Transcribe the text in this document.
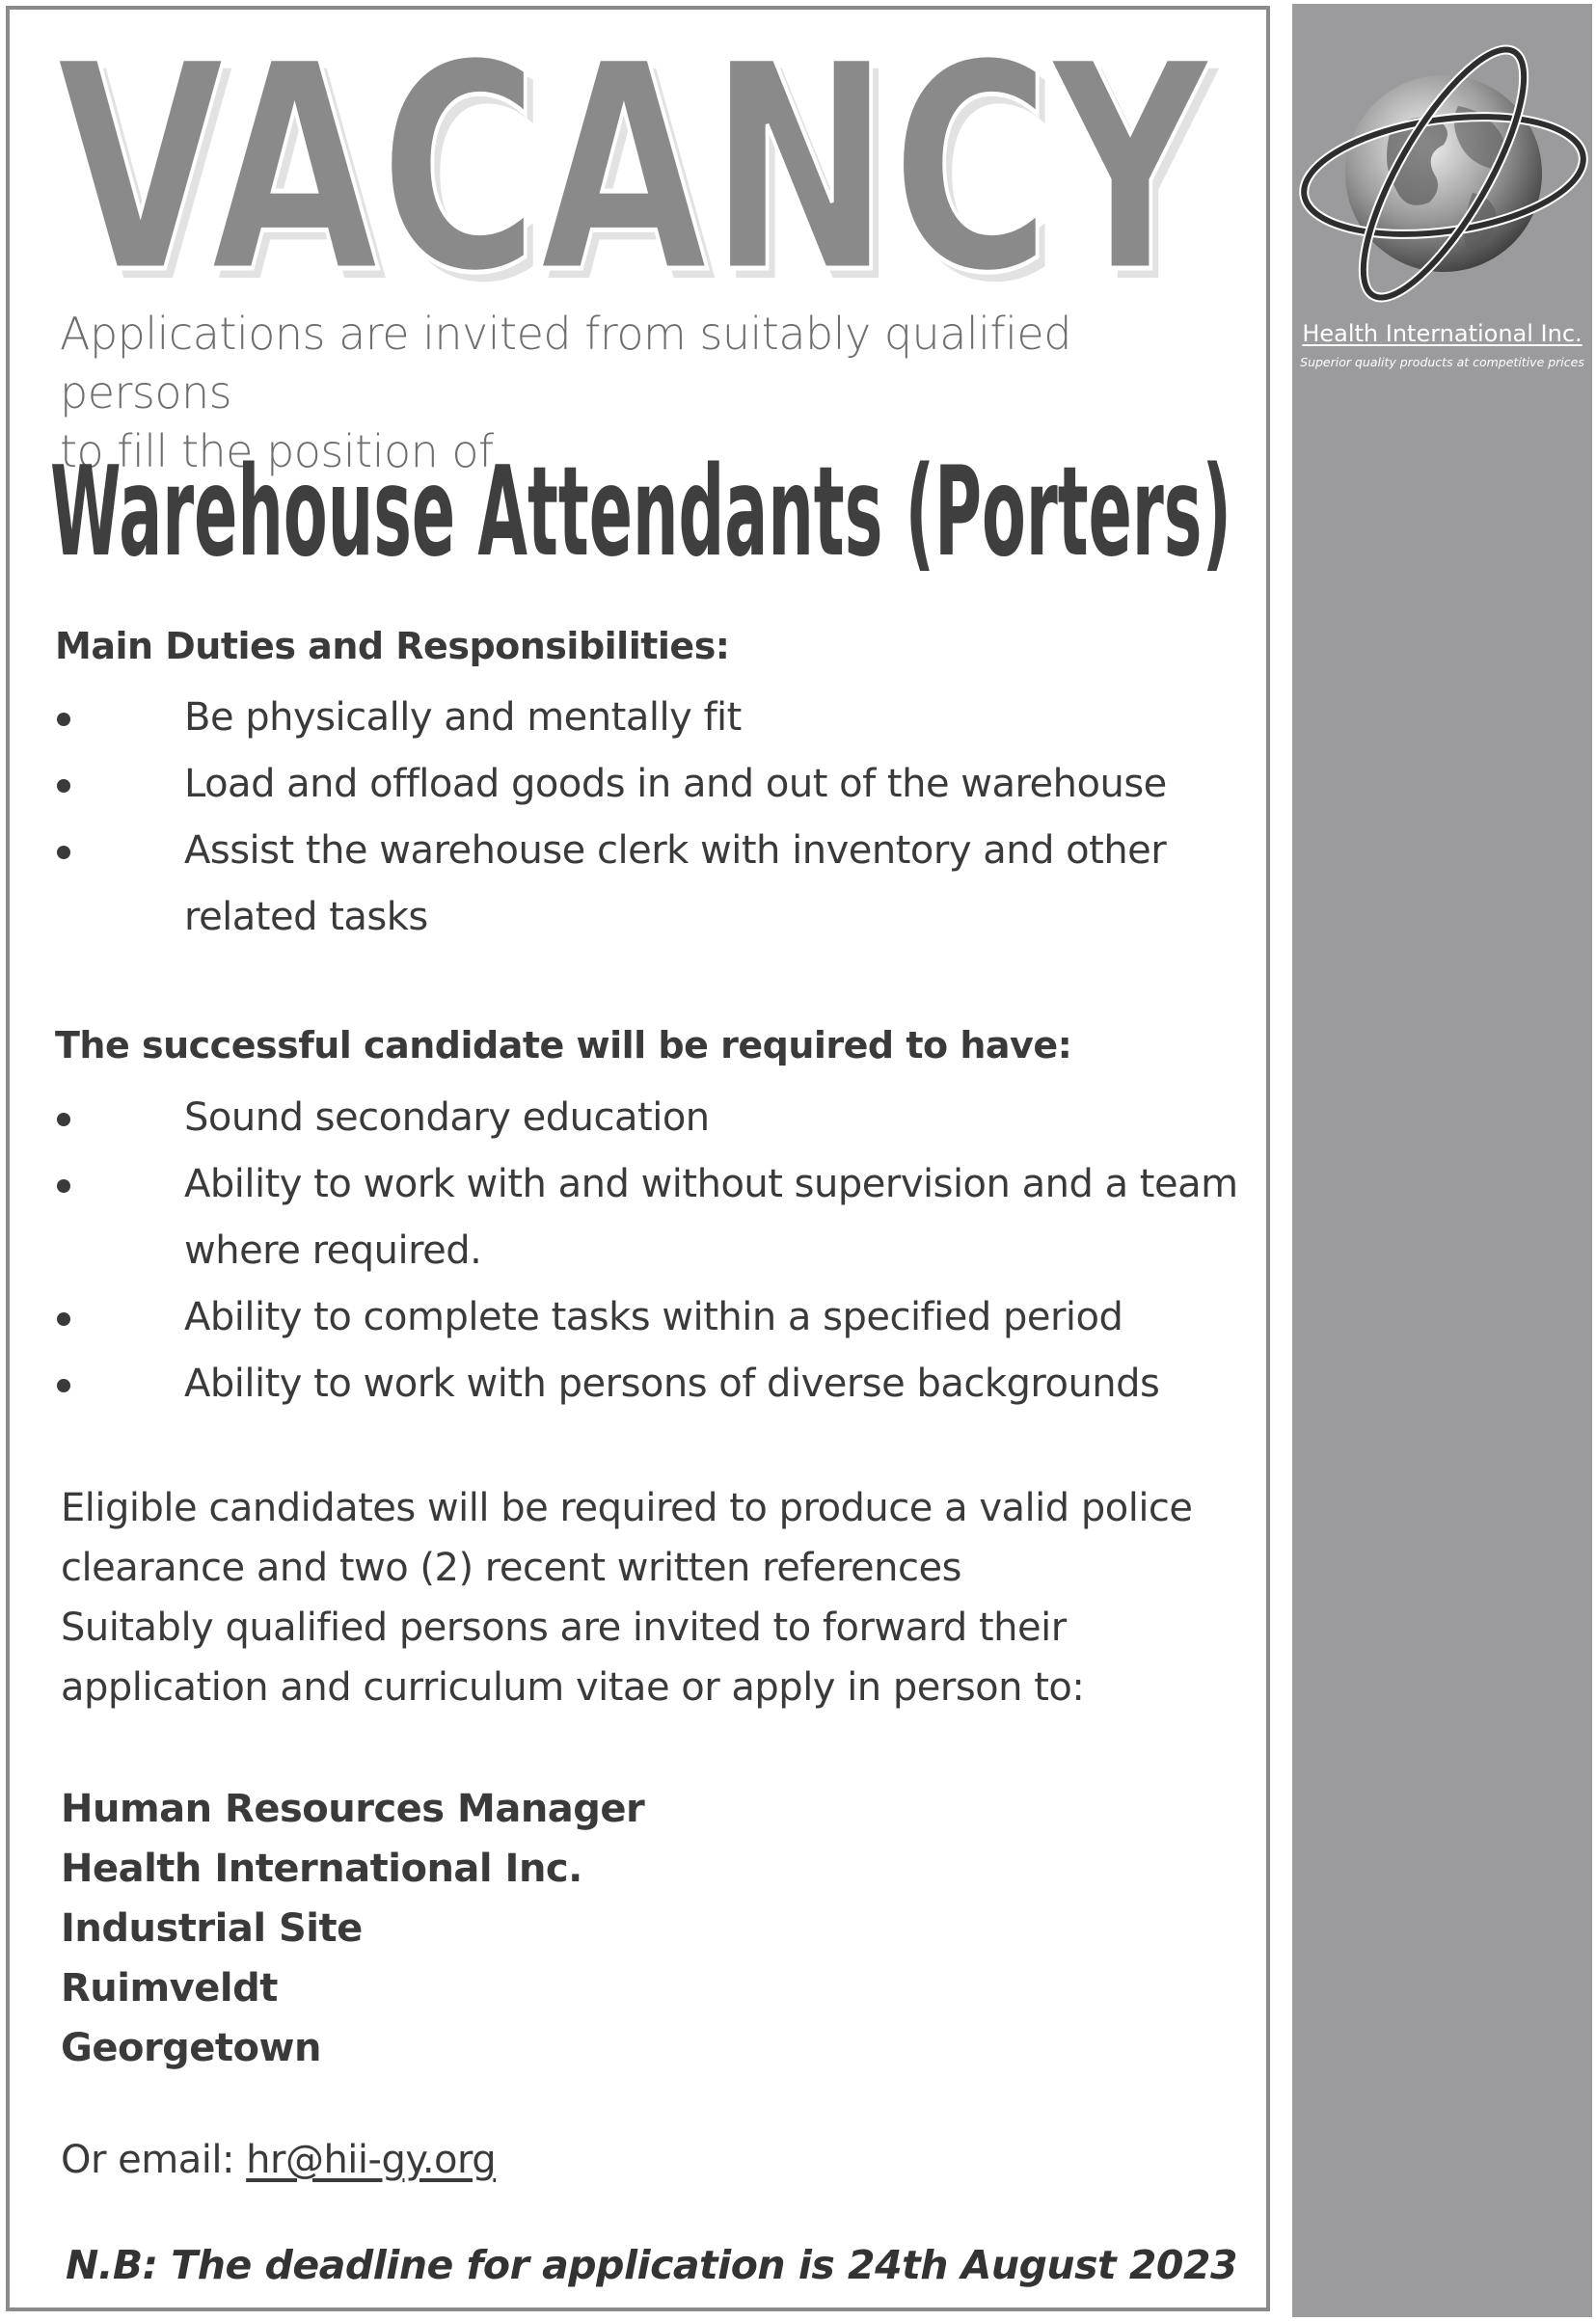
VACANCY
VACANCY	Health International Inc.
Superior quality products at competitive prices
Applications are invited from suitably qualified persons
to fill the position of
Warehouse Attendants (Porters)
Main Duties and Responsibilities:
Be physically and mentally fit
Load and offload goods in and out of the warehouse
Assist the warehouse clerk with inventory and other related tasks
The successful candidate will be required to have:
Sound secondary education
Ability to work with and without supervision and a team where required.
Ability to complete tasks within a specified period
Ability to work with persons of diverse backgrounds
Eligible candidates will be required to produce a valid police
clearance and two (2) recent written references
Suitably qualified persons are invited to forward their
application and curriculum vitae or apply in person to:
Human Resources Manager
Health International Inc.
Industrial Site
Ruimveldt
Georgetown
Or email: hr@hii-gy.org
N.B: The deadline for application is 24th August 2023
